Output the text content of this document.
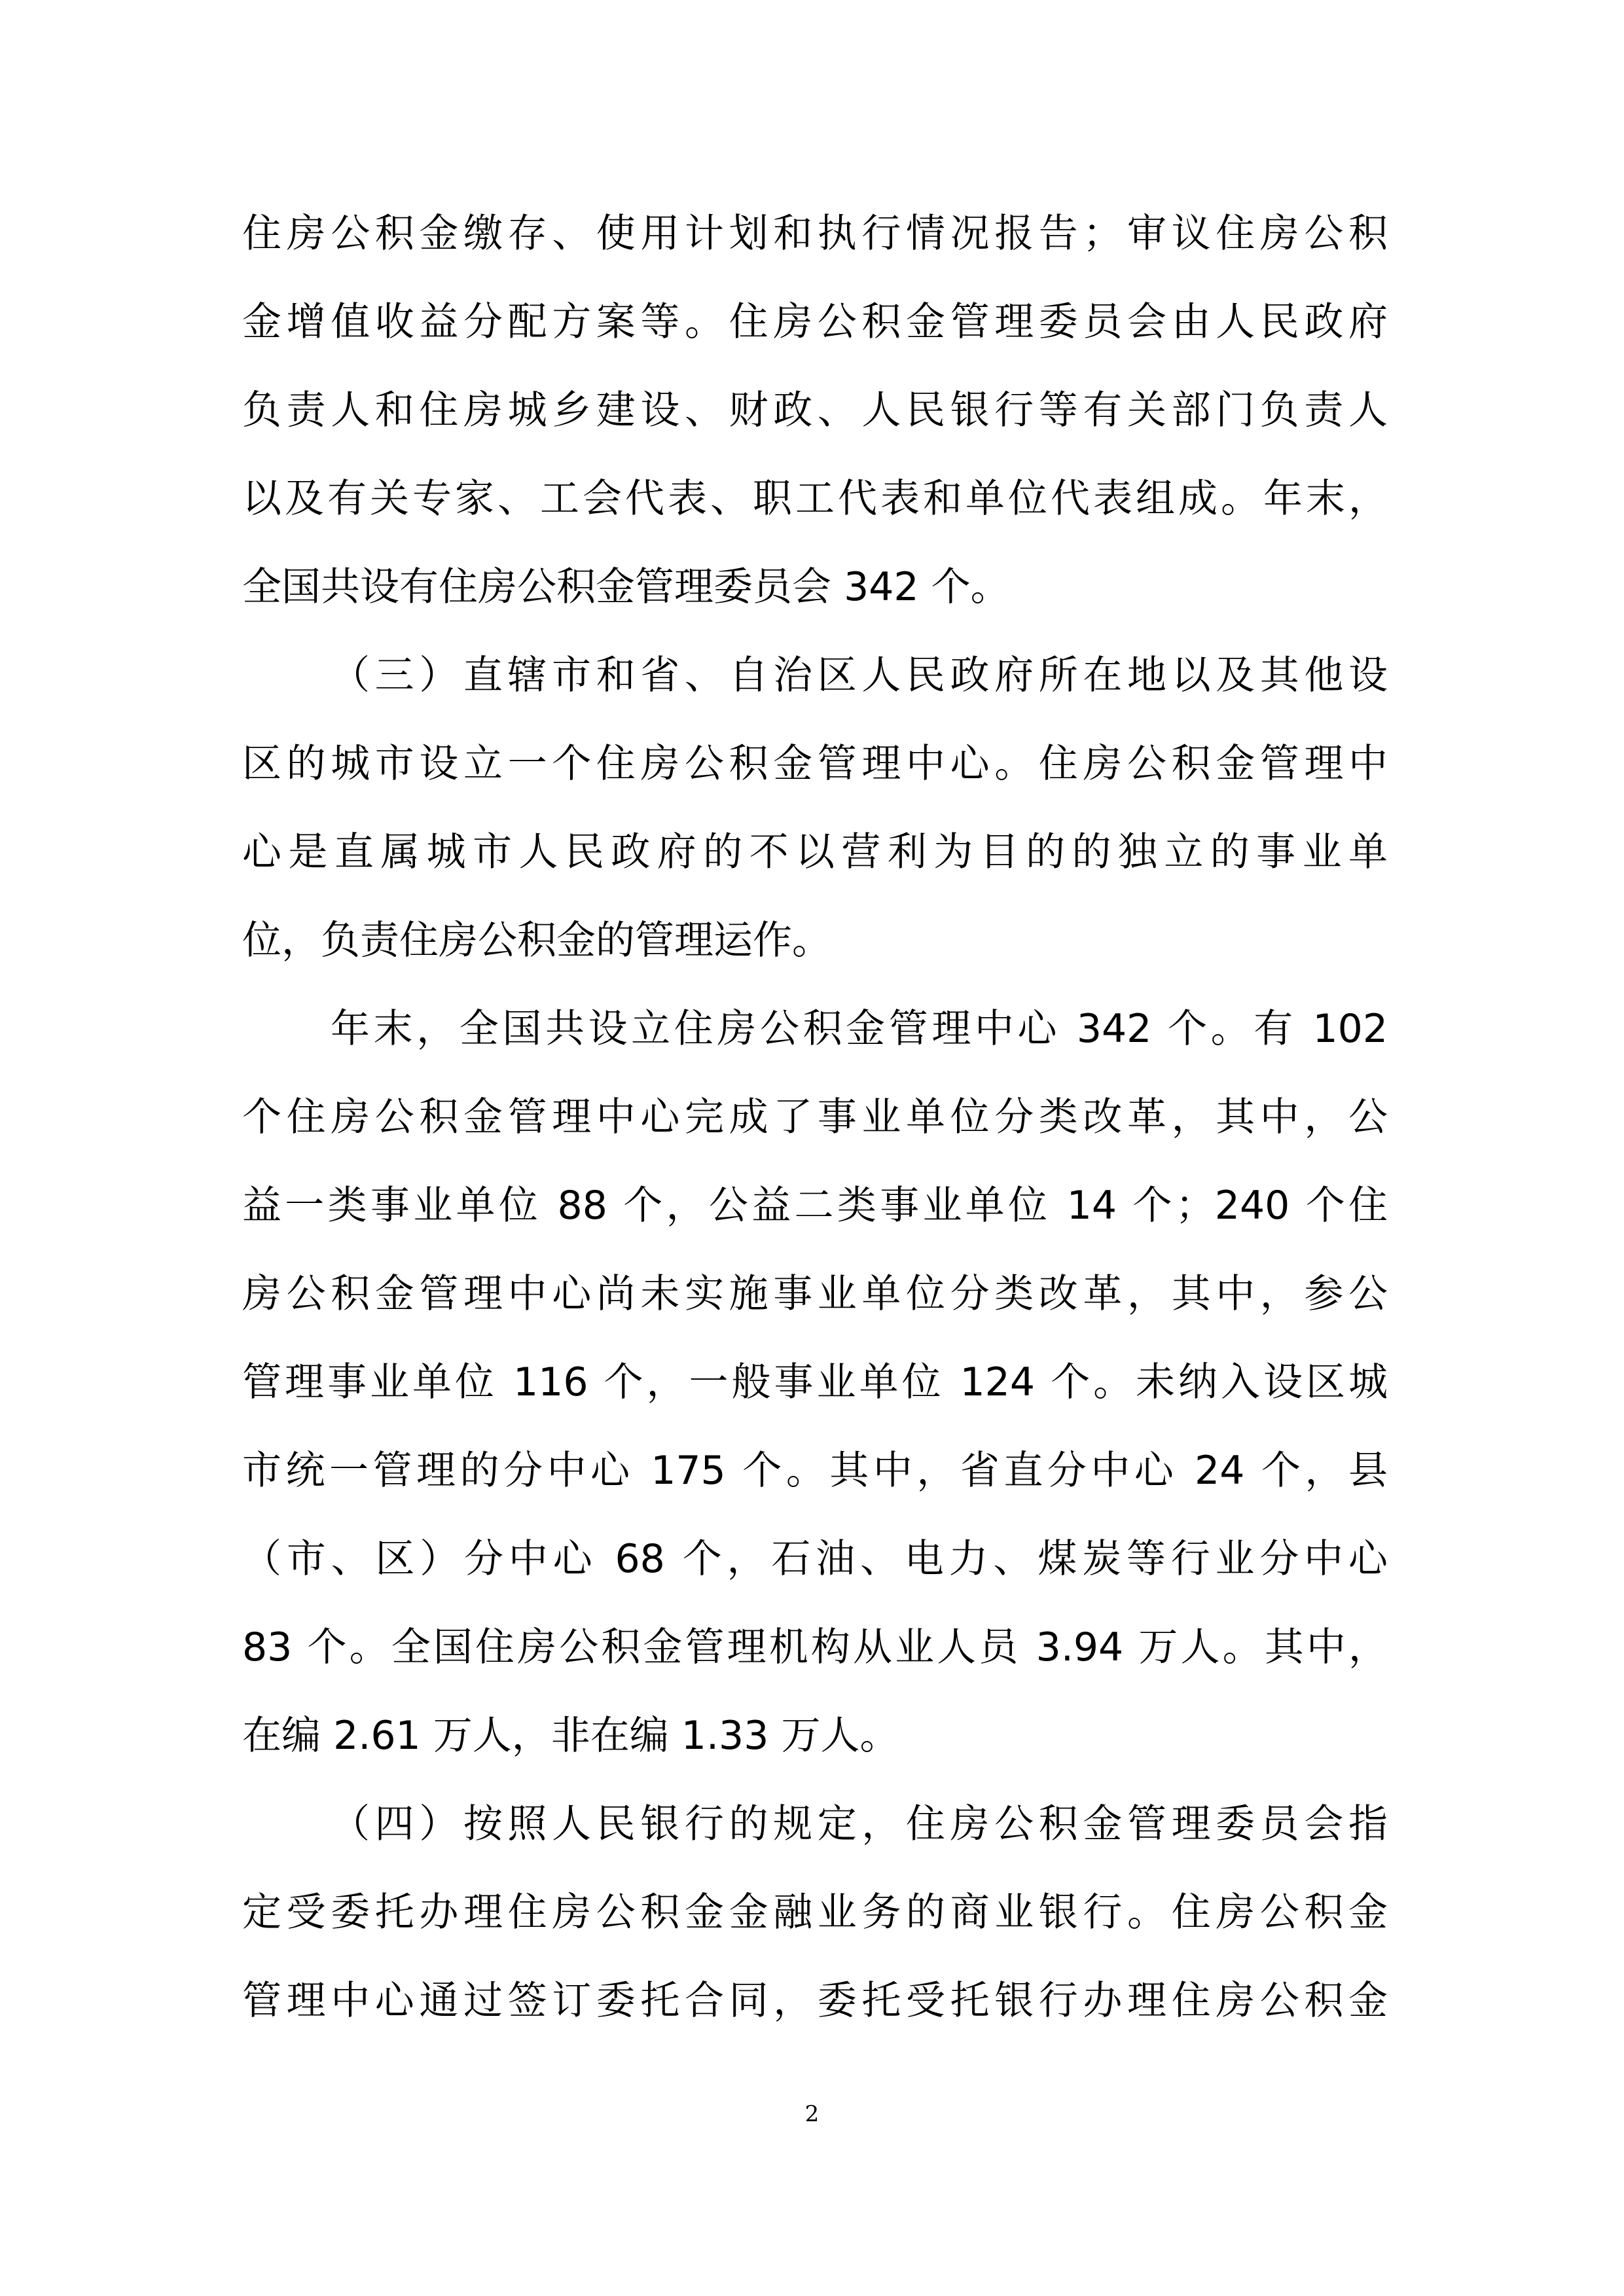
住房公积金缴存、使用计划和执行情况报告；审议住房公积
金增值收益分配方案等。住房公积金管理委员会由人民政府
负责人和住房城乡建设、财政、人民银行等有关部门负责人
以及有关专家、工会代表、职工代表和单位代表组成。年末，
全国共设有住房公积金管理委员会 342 个。
（三）直辖市和省、自治区人民政府所在地以及其他设
区的城市设立一个住房公积金管理中心。住房公积金管理中
心是直属城市人民政府的不以营利为目的的独立的事业单
位，负责住房公积金的管理运作。
年末，全国共设立住房公积金管理中心 342 个。有 102
个住房公积金管理中心完成了事业单位分类改革，其中，公
益一类事业单位 88 个，公益二类事业单位 14 个；240 个住
房公积金管理中心尚未实施事业单位分类改革，其中，参公
管理事业单位 116 个，一般事业单位 124 个。未纳入设区城
市统一管理的分中心 175 个。其中，省直分中心 24 个，县
（市、区）分中心 68 个，石油、电力、煤炭等行业分中心
83 个。全国住房公积金管理机构从业人员 3.94 万人。其中，
在编 2.61 万人，非在编 1.33 万人。
（四）按照人民银行的规定，住房公积金管理委员会指
定受委托办理住房公积金金融业务的商业银行。住房公积金
管理中心通过签订委托合同，委托受托银行办理住房公积金
2
